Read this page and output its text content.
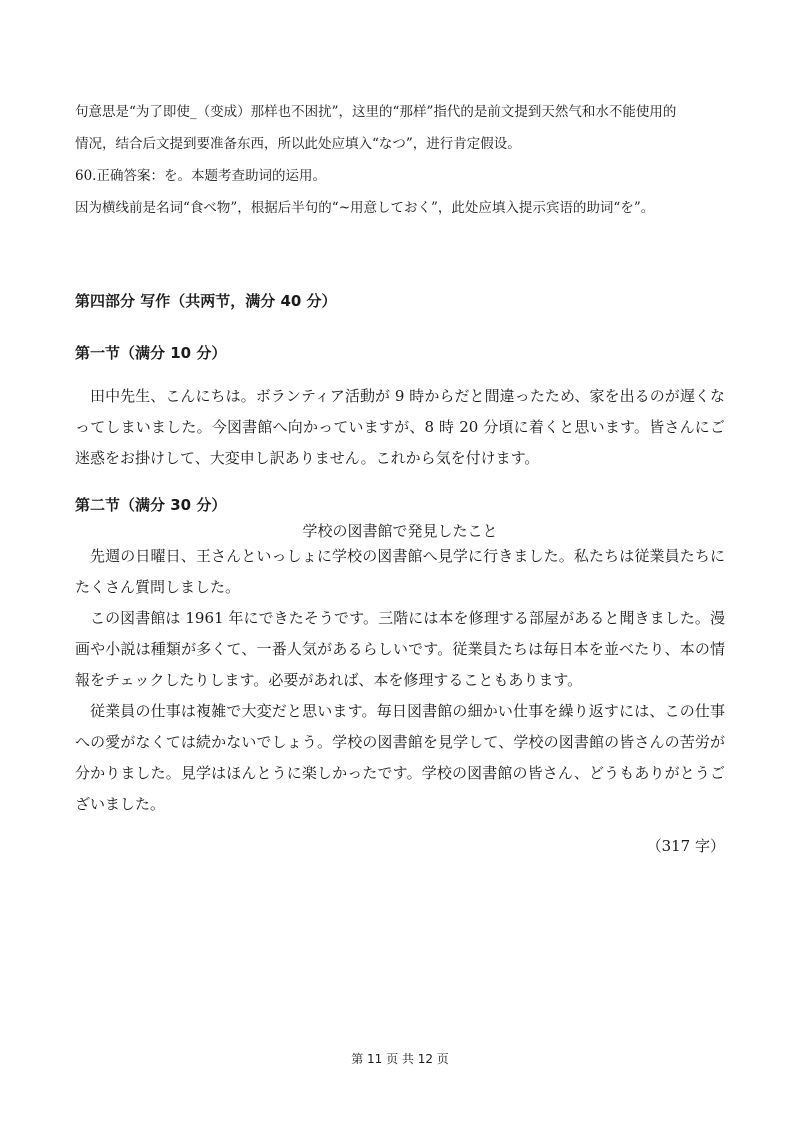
句意思是“为了即使_（变成）那样也不困扰”，这里的“那样”指代的是前文提到天然气和水不能使用的
情况，结合后文提到要准备东西，所以此处应填入“なつ”，进行肯定假设。
60.正确答案：を。本题考查助词的运用。
因为横线前是名词“食べ物”，根据后半句的“~用意しておく”，此处应填入提示宾语的助词“を”。
第四部分 写作（共两节，满分 40 分）
第一节（满分 10 分）
田中先生、こんにちは。ボランティア活動が 9 時からだと間違ったため、家を出るのが遅くなってしまいました。今図書館へ向かっていますが、8 時 20 分頃に着くと思います。皆さんにご迷惑をお掛けして、大変申し訳ありません。これから気を付けます。
第二节（满分 30 分）
学校の図書館で発見したこと
先週の日曜日、王さんといっしょに学校の図書館へ見学に行きました。私たちは従業員たちにたくさん質問しました。
この図書館は 1961 年にできたそうです。三階には本を修理する部屋があると聞きました。漫画や小説は種類が多くて、一番人気があるらしいです。従業員たちは毎日本を並べたり、本の情報をチェックしたりします。必要があれば、本を修理することもあります。
従業員の仕事は複雑で大変だと思います。毎日図書館の細かい仕事を繰り返すには、この仕事への愛がなくては続かないでしょう。学校の図書館を見学して、学校の図書館の皆さんの苦労が分かりました。見学はほんとうに楽しかったです。学校の図書館の皆さん、どうもありがとうございました。
（317 字）
第 11 页 共 12 页
